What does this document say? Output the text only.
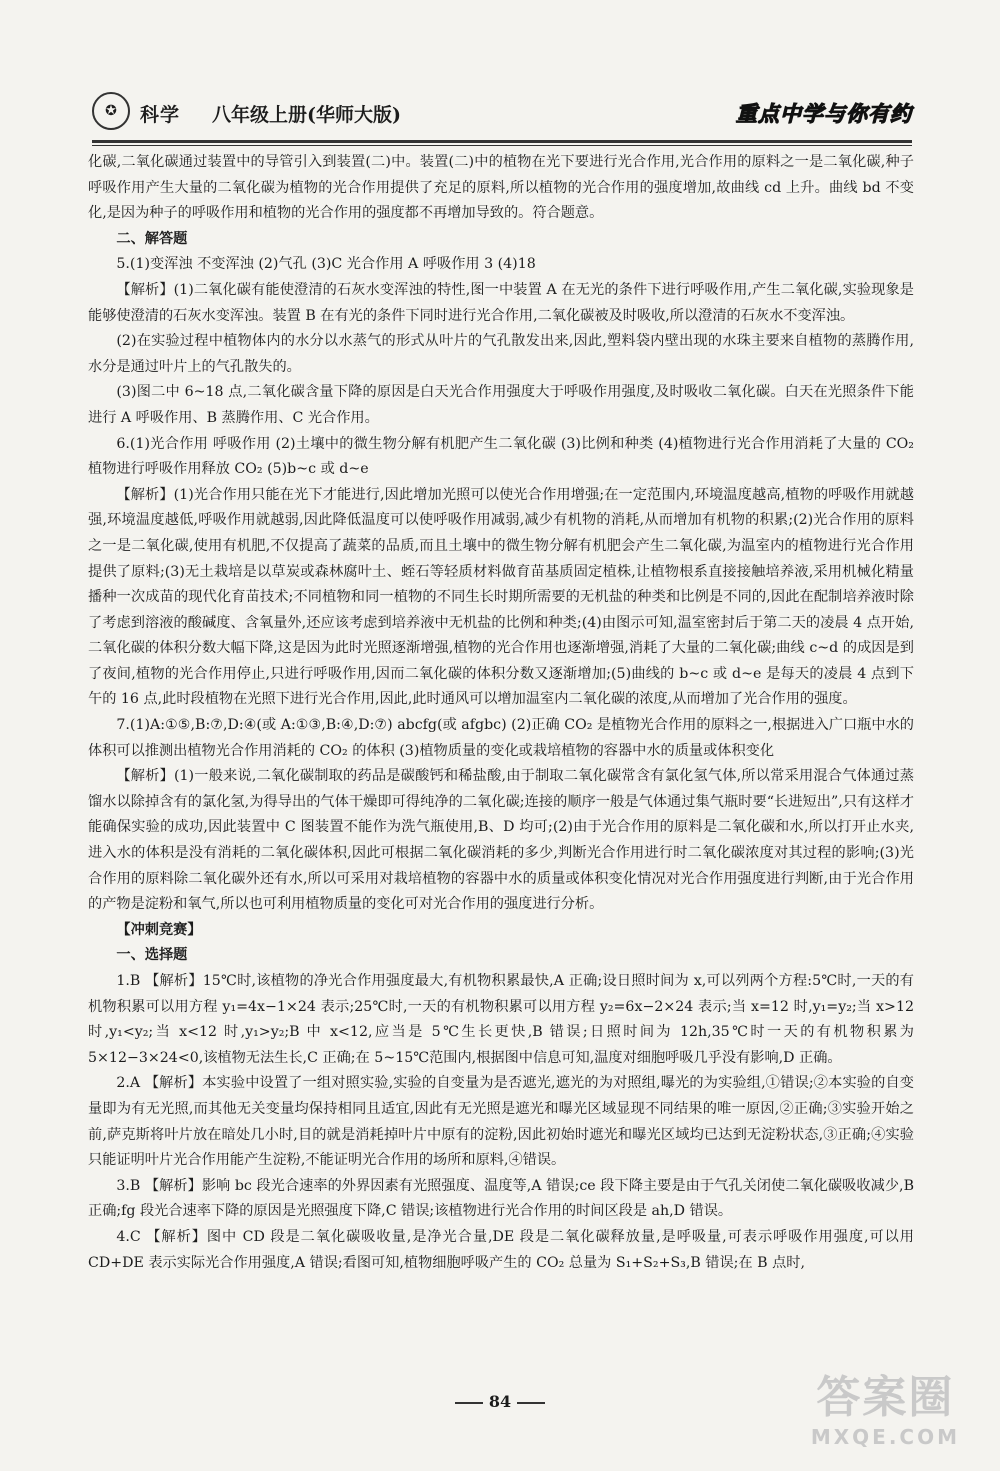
✪	科学 八年级上册(华师大版)	重点中学与你有约

化碳,二氧化碳通过装置中的导管引入到装置(二)中。装置(二)中的植物在光下要进行光合作用,光合作用的原料之一是二氧化碳,种子呼吸作用产生大量的二氧化碳为植物的光合作用提供了充足的原料,所以植物的光合作用的强度增加,故曲线 cd 上升。曲线 bd 不变化,是因为种子的呼吸作用和植物的光合作用的强度都不再增加导致的。符合题意。

二、解答题

5.(1)变浑浊 不变浑浊 (2)气孔 (3)C 光合作用 A 呼吸作用 3 (4)18

【解析】(1)二氧化碳有能使澄清的石灰水变浑浊的特性,图一中装置 A 在无光的条件下进行呼吸作用,产生二氧化碳,实验现象是能够使澄清的石灰水变浑浊。装置 B 在有光的条件下同时进行光合作用,二氧化碳被及时吸收,所以澄清的石灰水不变浑浊。

(2)在实验过程中植物体内的水分以水蒸气的形式从叶片的气孔散发出来,因此,塑料袋内壁出现的水珠主要来自植物的蒸腾作用,水分是通过叶片上的气孔散失的。

(3)图二中 6~18 点,二氧化碳含量下降的原因是白天光合作用强度大于呼吸作用强度,及时吸收二氧化碳。白天在光照条件下能进行 A 呼吸作用、B 蒸腾作用、C 光合作用。

6.(1)光合作用 呼吸作用 (2)土壤中的微生物分解有机肥产生二氧化碳 (3)比例和种类 (4)植物进行光合作用消耗了大量的 CO₂ 植物进行呼吸作用释放 CO₂ (5)b~c 或 d~e

【解析】(1)光合作用只能在光下才能进行,因此增加光照可以使光合作用增强;在一定范围内,环境温度越高,植物的呼吸作用就越强,环境温度越低,呼吸作用就越弱,因此降低温度可以使呼吸作用减弱,减少有机物的消耗,从而增加有机物的积累;(2)光合作用的原料之一是二氧化碳,使用有机肥,不仅提高了蔬菜的品质,而且土壤中的微生物分解有机肥会产生二氧化碳,为温室内的植物进行光合作用提供了原料;(3)无土栽培是以草炭或森林腐叶土、蛭石等轻质材料做育苗基质固定植株,让植物根系直接接触培养液,采用机械化精量播种一次成苗的现代化育苗技术;不同植物和同一植物的不同生长时期所需要的无机盐的种类和比例是不同的,因此在配制培养液时除了考虑到溶液的酸碱度、含氧量外,还应该考虑到培养液中无机盐的比例和种类;(4)由图示可知,温室密封后于第二天的凌晨 4 点开始,二氧化碳的体积分数大幅下降,这是因为此时光照逐渐增强,植物的光合作用也逐渐增强,消耗了大量的二氧化碳;曲线 c~d 的成因是到了夜间,植物的光合作用停止,只进行呼吸作用,因而二氧化碳的体积分数又逐渐增加;(5)曲线的 b~c 或 d~e 是每天的凌晨 4 点到下午的 16 点,此时段植物在光照下进行光合作用,因此,此时通风可以增加温室内二氧化碳的浓度,从而增加了光合作用的强度。

7.(1)A:①⑤,B:⑦,D:④(或 A:①③,B:④,D:⑦) abcfg(或 afgbc) (2)正确 CO₂ 是植物光合作用的原料之一,根据进入广口瓶中水的体积可以推测出植物光合作用消耗的 CO₂ 的体积 (3)植物质量的变化或栽培植物的容器中水的质量或体积变化

【解析】(1)一般来说,二氧化碳制取的药品是碳酸钙和稀盐酸,由于制取二氧化碳常含有氯化氢气体,所以常采用混合气体通过蒸馏水以除掉含有的氯化氢,为得导出的气体干燥即可得纯净的二氧化碳;连接的顺序一般是气体通过集气瓶时要“长进短出”,只有这样才能确保实验的成功,因此装置中 C 图装置不能作为洗气瓶使用,B、D 均可;(2)由于光合作用的原料是二氧化碳和水,所以打开止水夹,进入水的体积是没有消耗的二氧化碳体积,因此可根据二氧化碳消耗的多少,判断光合作用进行时二氧化碳浓度对其过程的影响;(3)光合作用的原料除二氧化碳外还有水,所以可采用对栽培植物的容器中水的质量或体积变化情况对光合作用强度进行判断,由于光合作用的产物是淀粉和氧气,所以也可利用植物质量的变化可对光合作用的强度进行分析。

【冲刺竞赛】

一、选择题

1.B 【解析】15℃时,该植物的净光合作用强度最大,有机物积累最快,A 正确;设日照时间为 x,可以列两个方程:5℃时,一天的有机物积累可以用方程 y₁=4x−1×24 表示;25℃时,一天的有机物积累可以用方程 y₂=6x−2×24 表示;当 x=12 时,y₁=y₂;当 x>12 时,y₁<y₂;当 x<12 时,y₁>y₂;B 中 x<12,应当是 5℃生长更快,B 错误;日照时间为 12h,35℃时一天的有机物积累为 5×12−3×24<0,该植物无法生长,C 正确;在 5~15℃范围内,根据图中信息可知,温度对细胞呼吸几乎没有影响,D 正确。

2.A 【解析】本实验中设置了一组对照实验,实验的自变量为是否遮光,遮光的为对照组,曝光的为实验组,①错误;②本实验的自变量即为有无光照,而其他无关变量均保持相同且适宜,因此有无光照是遮光和曝光区域显现不同结果的唯一原因,②正确;③实验开始之前,萨克斯将叶片放在暗处几小时,目的就是消耗掉叶片中原有的淀粉,因此初始时遮光和曝光区域均已达到无淀粉状态,③正确;④实验只能证明叶片光合作用能产生淀粉,不能证明光合作用的场所和原料,④错误。

3.B 【解析】影响 bc 段光合速率的外界因素有光照强度、温度等,A 错误;ce 段下降主要是由于气孔关闭使二氧化碳吸收减少,B 正确;fg 段光合速率下降的原因是光照强度下降,C 错误;该植物进行光合作用的时间区段是 ah,D 错误。

4.C 【解析】图中 CD 段是二氧化碳吸收量,是净光合量,DE 段是二氧化碳释放量,是呼吸量,可表示呼吸作用强度,可以用 CD+DE 表示实际光合作用强度,A 错误;看图可知,植物细胞呼吸产生的 CO₂ 总量为 S₁+S₂+S₃,B 错误;在 B 点时,

84	答案圈
MXQE.COM
